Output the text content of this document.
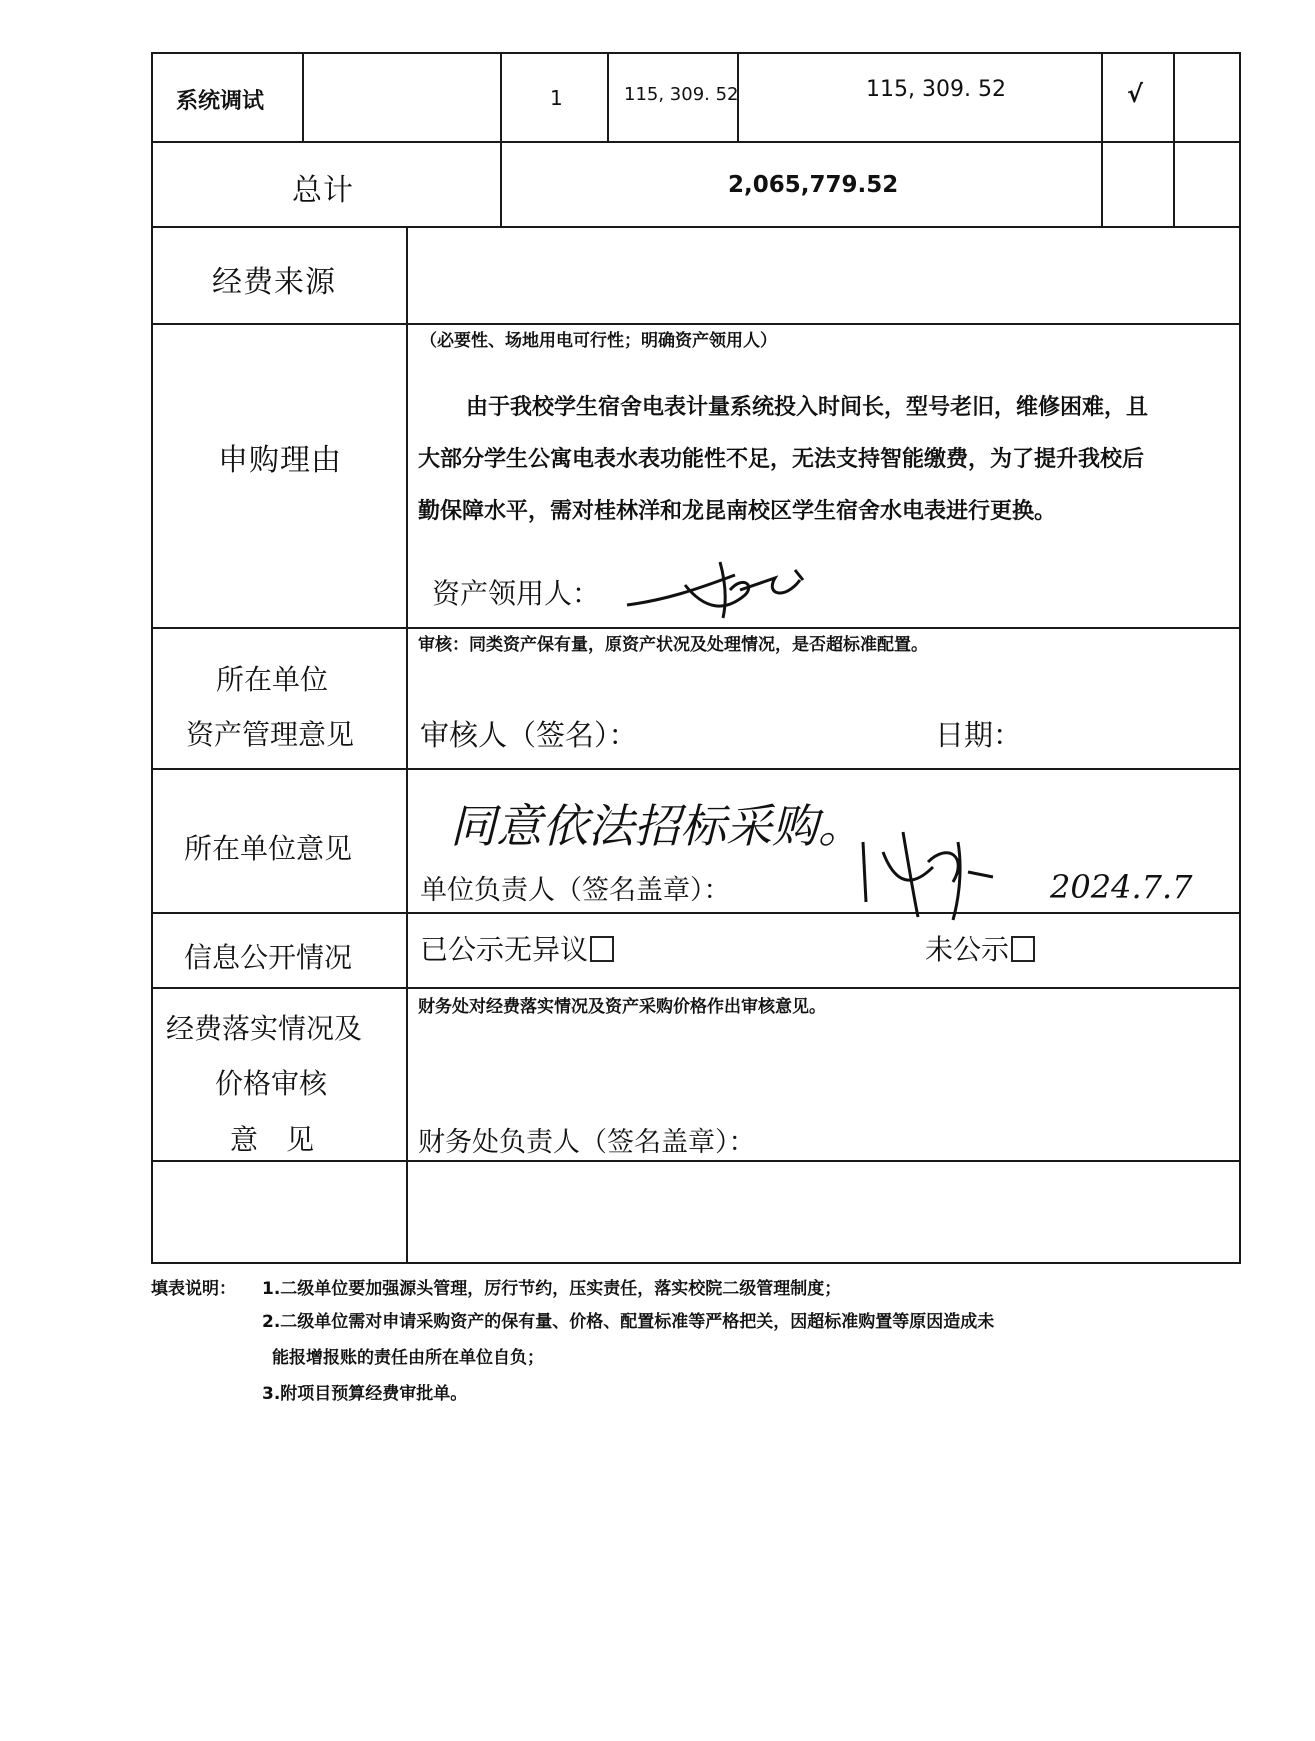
系统调试	1	115, 309. 52	115, 309. 52	√
总计	2,065,779.52
经费来源
申购理由
（必要性、场地用电可行性；明确资产领用人）
由于我校学生宿舍电表计量系统投入时间长，型号老旧，维修困难，且
大部分学生公寓电表水表功能性不足，无法支持智能缴费，为了提升我校后
勤保障水平，需对桂林洋和龙昆南校区学生宿舍水电表进行更换。
资产领用人：
所在单位
资产管理意见
审核：同类资产保有量，原资产状况及处理情况，是否超标准配置。
审核人（签名）：	日期：
所在单位意见 同意依法招标采购。
单位负责人（签名盖章）：	2024.7.7
信息公开情况 已公示无异议	未公示
经费落实情况及
价格审核
意　见
财务处对经费落实情况及资产采购价格作出审核意见。
财务处负责人（签名盖章）：
填表说明： 1.二级单位要加强源头管理，厉行节约，压实责任，落实校院二级管理制度；
2.二级单位需对申请采购资产的保有量、价格、配置标准等严格把关，因超标准购置等原因造成未
能报增报账的责任由所在单位自负；
3.附项目预算经费审批单。
